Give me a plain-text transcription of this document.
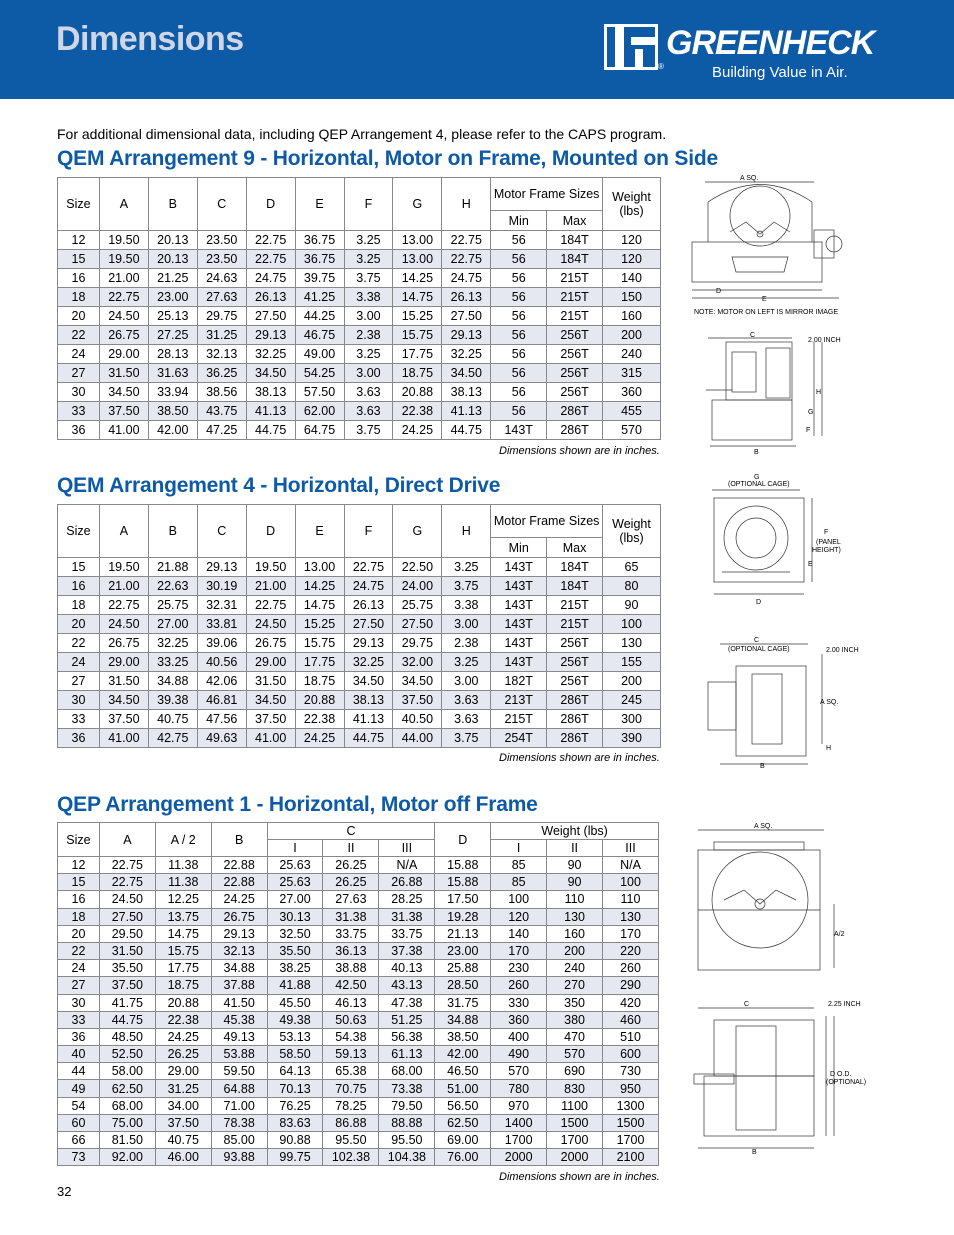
Dimensions
®
GREENHECK
Building Value in Air.
For additional dimensional data, including QEP Arrangement 4, please refer to the CAPS program.
QEM Arrangement 9 - Horizontal, Motor on Frame, Mounted on Side
Size	A	B	C	D	E	F	G	H	Motor Frame Sizes		Weight (lbs)
									Min	Max	
12	19.50	20.13	23.50	22.75	36.75	3.25	13.00	22.75	56	184T	120
15	19.50	20.13	23.50	22.75	36.75	3.25	13.00	22.75	56	184T	120
16	21.00	21.25	24.63	24.75	39.75	3.75	14.25	24.75	56	215T	140
18	22.75	23.00	27.63	26.13	41.25	3.38	14.75	26.13	56	215T	150
20	24.50	25.13	29.75	27.50	44.25	3.00	15.25	27.50	56	215T	160
22	26.75	27.25	31.25	29.13	46.75	2.38	15.75	29.13	56	256T	200
24	29.00	28.13	32.13	32.25	49.00	3.25	17.75	32.25	56	256T	240
27	31.50	31.63	36.25	34.50	54.25	3.00	18.75	34.50	56	256T	315
30	34.50	33.94	38.56	38.13	57.50	3.63	20.88	38.13	56	256T	360
33	37.50	38.50	43.75	41.13	62.00	3.63	22.38	41.13	56	286T	455
36	41.00	42.00	47.25	44.75	64.75	3.75	24.25	44.75	143T	286T	570
Dimensions shown are in inches.
QEM Arrangement 4 - Horizontal, Direct Drive
Size	A	B	C	D	E	F	G	H	Motor Frame Sizes		Weight (lbs)
									Min	Max	
15	19.50	21.88	29.13	19.50	13.00	22.75	22.50	3.25	143T	184T	65
16	21.00	22.63	30.19	21.00	14.25	24.75	24.00	3.75	143T	184T	80
18	22.75	25.75	32.31	22.75	14.75	26.13	25.75	3.38	143T	215T	90
20	24.50	27.00	33.81	24.50	15.25	27.50	27.50	3.00	143T	215T	100
22	26.75	32.25	39.06	26.75	15.75	29.13	29.75	2.38	143T	256T	130
24	29.00	33.25	40.56	29.00	17.75	32.25	32.00	3.25	143T	256T	155
27	31.50	34.88	42.06	31.50	18.75	34.50	34.50	3.00	182T	256T	200
30	34.50	39.38	46.81	34.50	20.88	38.13	37.50	3.63	213T	286T	245
33	37.50	40.75	47.56	37.50	22.38	41.13	40.50	3.63	215T	286T	300
36	41.00	42.75	49.63	41.00	24.25	44.75	44.00	3.75	254T	286T	390
Dimensions shown are in inches.
QEP Arrangement 1 - Horizontal, Motor off Frame
Size	A	A / 2	B	C			D	Weight (lbs)		
				I	II	III		I	II	III
12	22.75	11.38	22.88	25.63	26.25	N/A	15.88	85	90	N/A
15	22.75	11.38	22.88	25.63	26.25	26.88	15.88	85	90	100
16	24.50	12.25	24.25	27.00	27.63	28.25	17.50	100	110	110
18	27.50	13.75	26.75	30.13	31.38	31.38	19.28	120	130	130
20	29.50	14.75	29.13	32.50	33.75	33.75	21.13	140	160	170
22	31.50	15.75	32.13	35.50	36.13	37.38	23.00	170	200	220
24	35.50	17.75	34.88	38.25	38.88	40.13	25.88	230	240	260
27	37.50	18.75	37.88	41.88	42.50	43.13	28.50	260	270	290
30	41.75	20.88	41.50	45.50	46.13	47.38	31.75	330	350	420
33	44.75	22.38	45.38	49.38	50.63	51.25	34.88	360	380	460
36	48.50	24.25	49.13	53.13	54.38	56.38	38.50	400	470	510
40	52.50	26.25	53.88	58.50	59.13	61.13	42.00	490	570	600
44	58.00	29.00	59.50	64.13	65.38	68.00	46.50	570	690	730
49	62.50	31.25	64.88	70.13	70.75	73.38	51.00	780	830	950
54	68.00	34.00	71.00	76.25	78.25	79.50	56.50	970	1100	1300
60	75.00	37.50	78.38	83.63	86.88	88.88	62.50	1400	1500	1500
66	81.50	40.75	85.00	90.88	95.50	95.50	69.00	1700	1700	1700
73	92.00	46.00	93.88	99.75	102.38	104.38	76.00	2000	2000	2100
Dimensions shown are in inches.
32
A SQ.
D
E
NOTE: MOTOR ON LEFT IS MIRROR IMAGE
C
2.00 INCH
H
G
F
B
G
(OPTIONAL CAGE)
F
(PANEL
HEIGHT)
E
D
C
(OPTIONAL CAGE)	2.00 INCH
A SQ.
H
B
A SQ.
A/2
C	2.25 INCH
D O.D.
(OPTIONAL)
B
